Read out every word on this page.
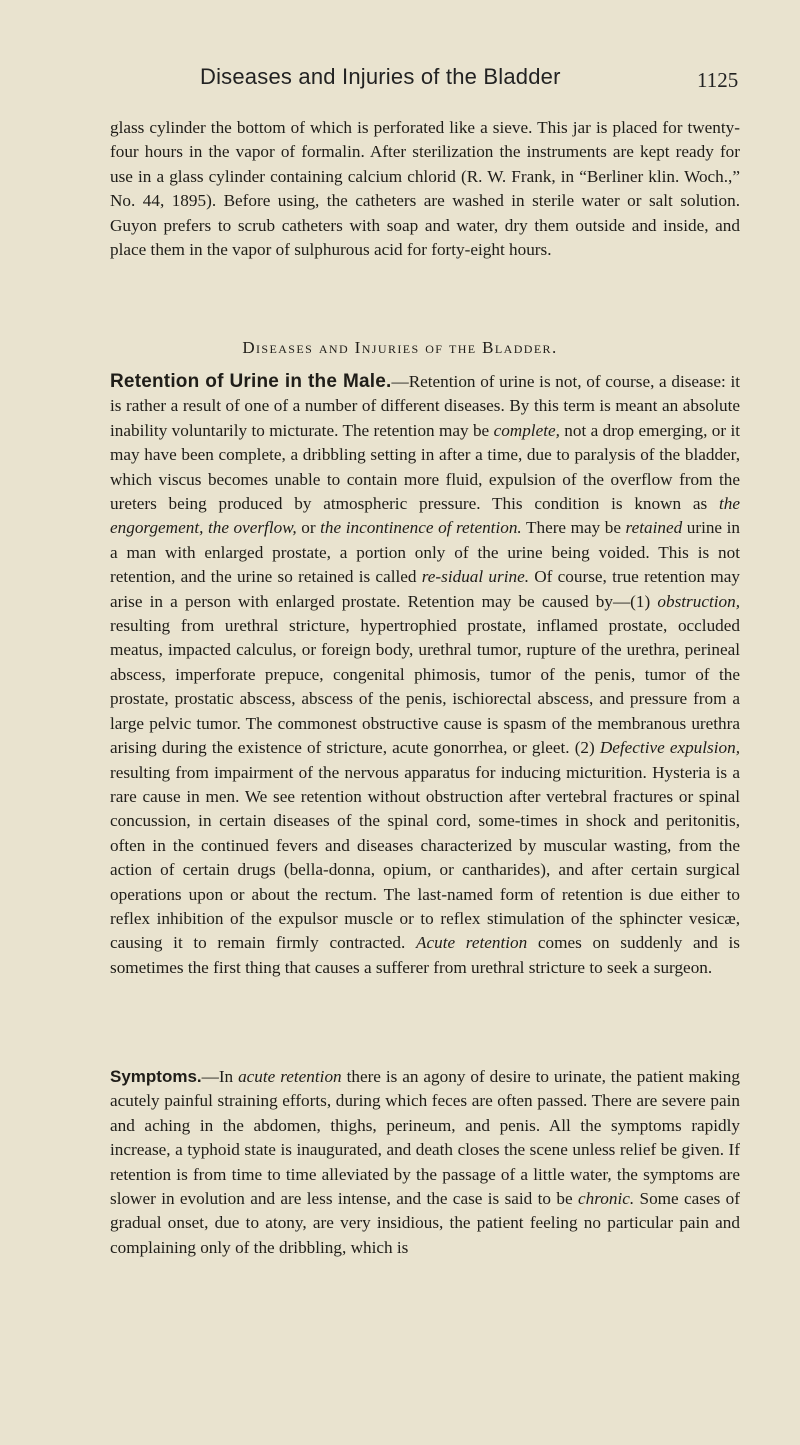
Diseases and Injuries of the Bladder	1125

glass cylinder the bottom of which is perforated like a sieve. This jar is placed for twenty-four hours in the vapor of formalin. After sterilization the instruments are kept ready for use in a glass cylinder containing calcium chlorid (R. W. Frank, in “Berliner klin. Woch.,” No. 44, 1895). Before using, the catheters are washed in sterile water or salt solution. Guyon prefers to scrub catheters with soap and water, dry them outside and inside, and place them in the vapor of sulphurous acid for forty-eight hours.

Diseases and Injuries of the Bladder.

Retention of Urine in the Male.—Retention of urine is not, of course, a disease: it is rather a result of one of a number of different diseases. By this term is meant an absolute inability voluntarily to micturate. The retention may be complete, not a drop emerging, or it may have been complete, a dribbling setting in after a time, due to paralysis of the bladder, which viscus becomes unable to contain more fluid, expulsion of the overflow from the ureters being produced by atmospheric pressure. This condition is known as the engorgement, the overflow, or the incontinence of retention. There may be retained urine in a man with enlarged prostate, a portion only of the urine being voided. This is not retention, and the urine so retained is called re-sidual urine. Of course, true retention may arise in a person with enlarged prostate. Retention may be caused by—(1) obstruction, resulting from urethral stricture, hypertrophied prostate, inflamed prostate, occluded meatus, impacted calculus, or foreign body, urethral tumor, rupture of the urethra, perineal abscess, imperforate prepuce, congenital phimosis, tumor of the penis, tumor of the prostate, prostatic abscess, abscess of the penis, ischiorectal abscess, and pressure from a large pelvic tumor. The commonest obstructive cause is spasm of the membranous urethra arising during the existence of stricture, acute gonorrhea, or gleet. (2) Defective expulsion, resulting from impairment of the nervous apparatus for inducing micturition. Hysteria is a rare cause in men. We see retention without obstruction after vertebral fractures or spinal concussion, in certain diseases of the spinal cord, some-times in shock and peritonitis, often in the continued fevers and diseases characterized by muscular wasting, from the action of certain drugs (bella-donna, opium, or cantharides), and after certain surgical operations upon or about the rectum. The last-named form of retention is due either to reflex inhibition of the expulsor muscle or to reflex stimulation of the sphincter vesicæ, causing it to remain firmly contracted. Acute retention comes on suddenly and is sometimes the first thing that causes a sufferer from urethral stricture to seek a surgeon.

Symptoms.—In acute retention there is an agony of desire to urinate, the patient making acutely painful straining efforts, during which feces are often passed. There are severe pain and aching in the abdomen, thighs, perineum, and penis. All the symptoms rapidly increase, a typhoid state is inaugurated, and death closes the scene unless relief be given. If retention is from time to time alleviated by the passage of a little water, the symptoms are slower in evolution and are less intense, and the case is said to be chronic. Some cases of gradual onset, due to atony, are very insidious, the patient feeling no particular pain and complaining only of the dribbling, which is
